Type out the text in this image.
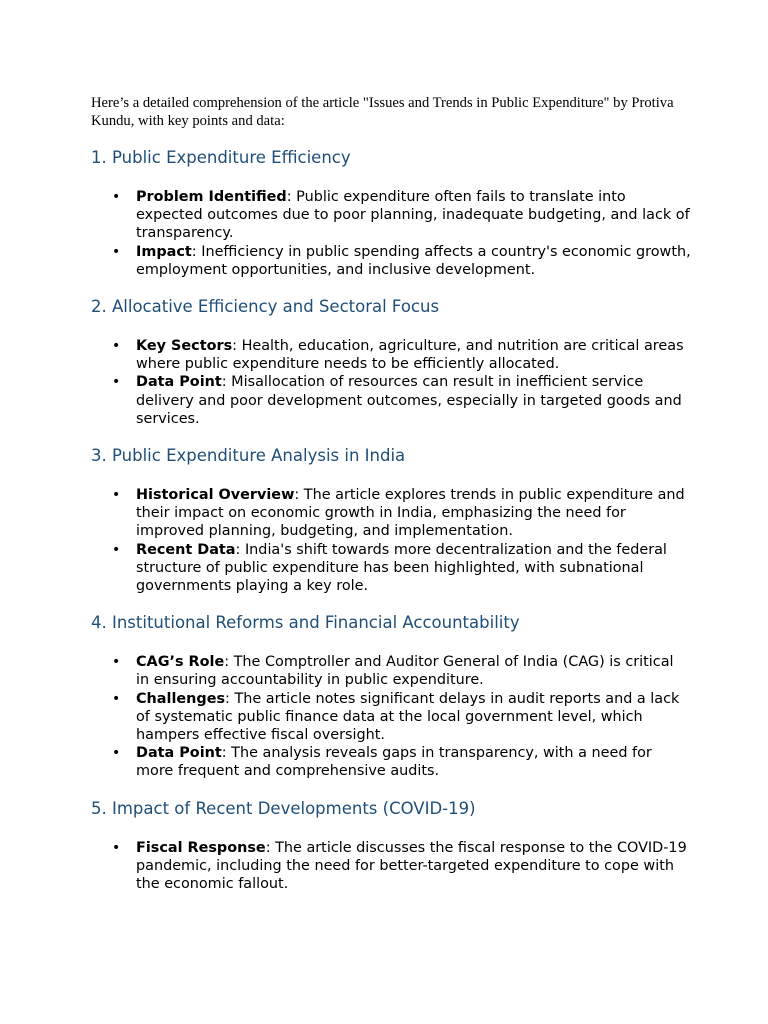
Here’s a detailed comprehension of the article "Issues and Trends in Public Expenditure" by Protiva Kundu, with key points and data:

1. Public Expenditure Efficiency
• Problem Identified: Public expenditure often fails to translate into expected outcomes due to poor planning, inadequate budgeting, and lack of transparency.
• Impact: Inefficiency in public spending affects a country's economic growth, employment opportunities, and inclusive development.
2. Allocative Efficiency and Sectoral Focus
• Key Sectors: Health, education, agriculture, and nutrition are critical areas where public expenditure needs to be efficiently allocated.
• Data Point: Misallocation of resources can result in inefficient service delivery and poor development outcomes, especially in targeted goods and services.
3. Public Expenditure Analysis in India
• Historical Overview: The article explores trends in public expenditure and their impact on economic growth in India, emphasizing the need for improved planning, budgeting, and implementation.
• Recent Data: India's shift towards more decentralization and the federal structure of public expenditure has been highlighted, with subnational governments playing a key role.
4. Institutional Reforms and Financial Accountability
• CAG’s Role: The Comptroller and Auditor General of India (CAG) is critical in ensuring accountability in public expenditure.
• Challenges: The article notes significant delays in audit reports and a lack of systematic public finance data at the local government level, which hampers effective fiscal oversight.
• Data Point: The analysis reveals gaps in transparency, with a need for more frequent and comprehensive audits.
5. Impact of Recent Developments (COVID-19)
• Fiscal Response: The article discusses the fiscal response to the COVID-19 pandemic, including the need for better-targeted expenditure to cope with the economic fallout.
